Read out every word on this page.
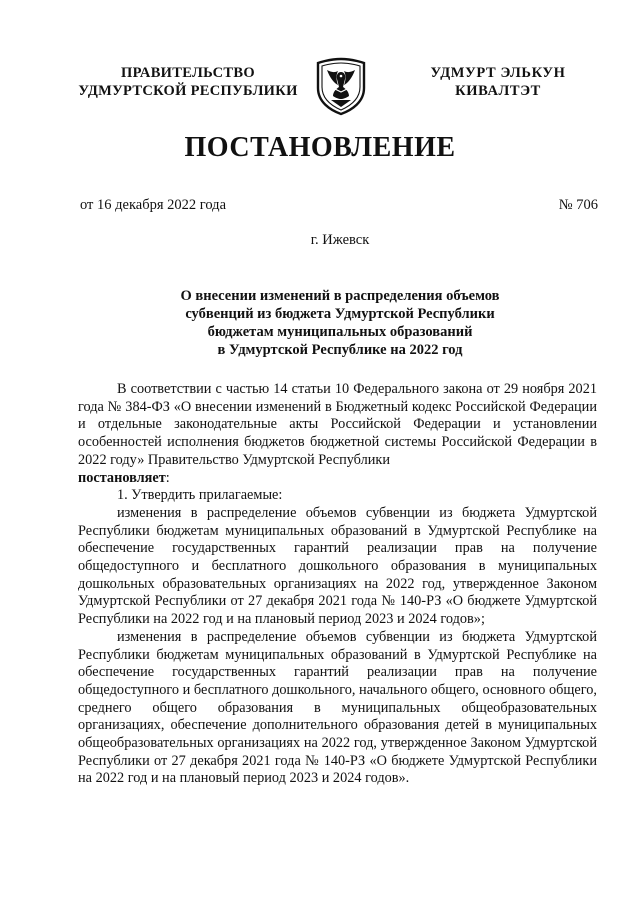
ПРАВИТЕЛЬСТВО
УДМУРТСКОЙ РЕСПУБЛИКИ
УДМУРТ ЭЛЬКУН
КИВАЛТЭТ
ПОСТАНОВЛЕНИЕ
от 16 декабря 2022 года	№ 706
г. Ижевск
О внесении изменений в распределения объемов
субвенций из бюджета Удмуртской Республики
бюджетам муниципальных образований
в Удмуртской Республике на 2022 год

В соответствии с частью 14 статьи 10 Федерального закона от 29 ноября 2021 года № 384-ФЗ «О внесении изменений в Бюджетный кодекс Российской Федерации и отдельные законодательные акты Российской Федерации и установлении особенностей исполнения бюджетов бюджетной системы Российской Федерации в 2022 году» Правительство Удмуртской Республики
постановляет:

1. Утвердить прилагаемые:

изменения в распределение объемов субвенции из бюджета Удмуртской Республики бюджетам муниципальных образований в Удмуртской Республике на обеспечение государственных гарантий реализации прав на получение общедоступного и бесплатного дошкольного образования в муниципальных дошкольных образовательных организациях на 2022 год, утвержденное Законом Удмуртской Республики от 27 декабря 2021 года № 140-РЗ «О бюджете Удмуртской Республики на 2022 год и на плановый период 2023 и 2024 годов»;

изменения в распределение объемов субвенции из бюджета Удмуртской Республики бюджетам муниципальных образований в Удмуртской Республике на обеспечение государственных гарантий реализации прав на получение общедоступного и бесплатного дошкольного, начального общего, основного общего, среднего общего образования в муниципальных общеобразовательных организациях, обеспечение дополнительного образования детей в муниципальных общеобразовательных организациях на 2022 год, утвержденное Законом Удмуртской Республики от 27 декабря 2021 года № 140-РЗ «О бюджете Удмуртской Республики на 2022 год и на плановый период 2023 и 2024 годов».
